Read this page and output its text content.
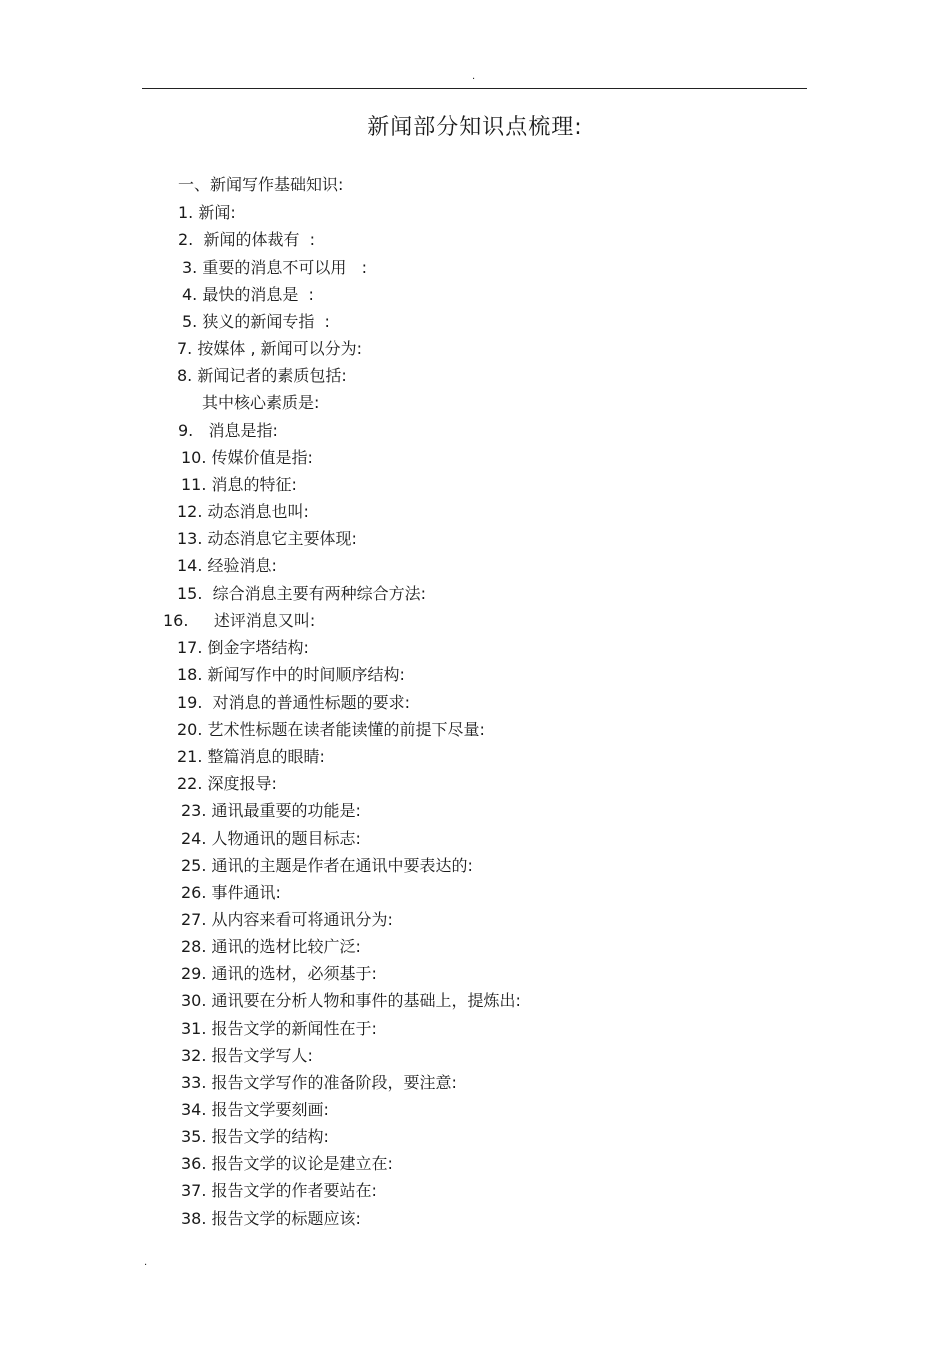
.
新闻部分知识点梳理:
一、新闻写作基础知识:
1. 新闻:
2.  新闻的体裁有  :
3. 重要的消息不可以用   :
4. 最快的消息是  :
5. 狭义的新闻专指  :
7. 按媒体 , 新闻可以分为:
8. 新闻记者的素质包括:
其中核心素质是:
9.   消息是指:
10. 传媒价值是指:
11. 消息的特征:
12. 动态消息也叫:
13. 动态消息它主要体现:
14. 经验消息:
15.  综合消息主要有两种综合方法:
16.     述评消息又叫:
17. 倒金字塔结构:
18. 新闻写作中的时间顺序结构:
19.  对消息的普通性标题的要求:
20. 艺术性标题在读者能读懂的前提下尽量:
21. 整篇消息的眼睛:
22. 深度报导:
23. 通讯最重要的功能是:
24. 人物通讯的题目标志:
25. 通讯的主题是作者在通讯中要表达的:
26. 事件通讯:
27. 从内容来看可将通讯分为:
28. 通讯的选材比较广泛:
29. 通讯的选材，必须基于:
30. 通讯要在分析人物和事件的基础上，提炼出:
31. 报告文学的新闻性在于:
32. 报告文学写人:
33. 报告文学写作的准备阶段，要注意:
34. 报告文学要刻画:
35. 报告文学的结构:
36. 报告文学的议论是建立在:
37. 报告文学的作者要站在:
38. 报告文学的标题应该:
.
